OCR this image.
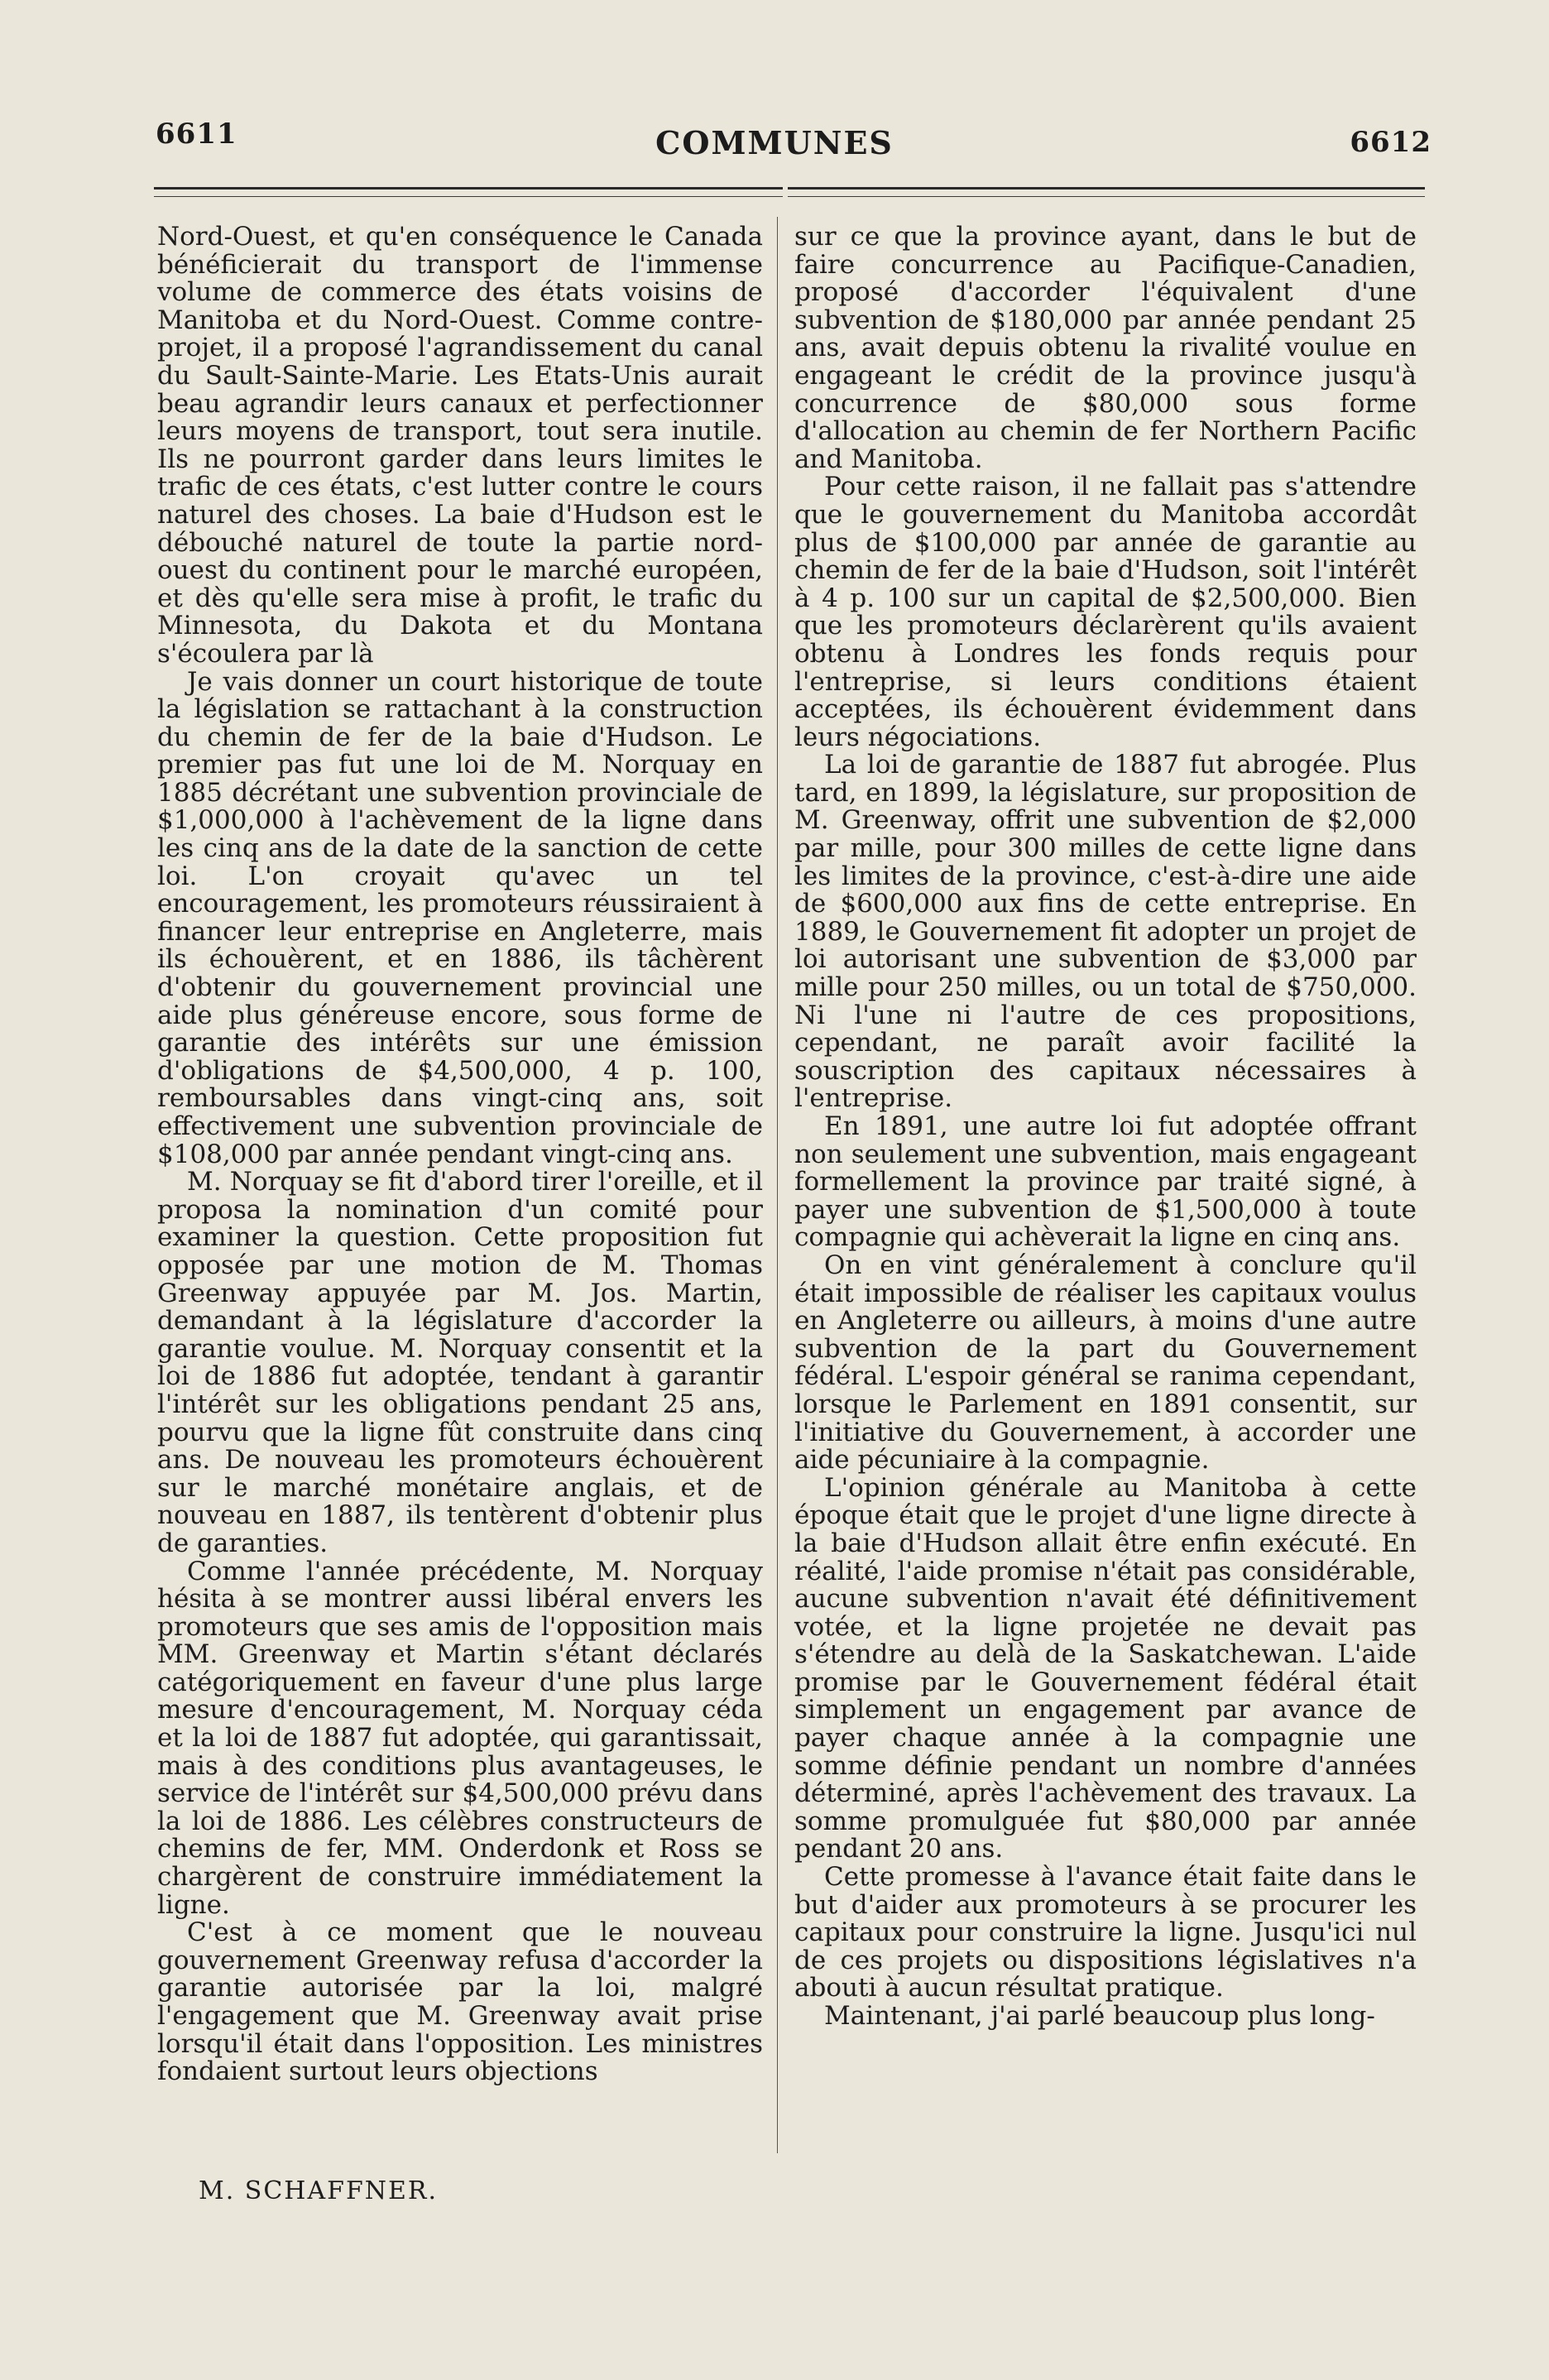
6611	COMMUNES	6612

Nord-Ouest, et qu'en conséquence le Canada bénéficierait du transport de l'immense volume de commerce des états voisins de Manitoba et du Nord-Ouest. Comme contre-projet, il a proposé l'agrandissement du canal du Sault-Sainte-Marie. Les Etats-Unis aurait beau agrandir leurs canaux et perfectionner leurs moyens de transport, tout sera inutile. Ils ne pourront garder dans leurs limites le trafic de ces états, c'est lutter contre le cours naturel des choses. La baie d'Hudson est le débouché naturel de toute la partie nord-ouest du continent pour le marché européen, et dès qu'elle sera mise à profit, le trafic du Minnesota, du Dakota et du Montana s'écoulera par là

Je vais donner un court historique de toute la législation se rattachant à la construction du chemin de fer de la baie d'Hudson. Le premier pas fut une loi de M. Norquay en 1885 décrétant une subvention provinciale de $1,000,000 à l'achèvement de la ligne dans les cinq ans de la date de la sanction de cette loi. L'on croyait qu'avec un tel encouragement, les promoteurs réussiraient à financer leur entreprise en Angleterre, mais ils échouèrent, et en 1886, ils tâchèrent d'obtenir du gouvernement provincial une aide plus généreuse encore, sous forme de garantie des intérêts sur une émission d'obligations de $4,500,000, 4 p. 100, remboursables dans vingt-cinq ans, soit effectivement une subvention provinciale de $108,000 par année pendant vingt-cinq ans.

M. Norquay se fit d'abord tirer l'oreille, et il proposa la nomination d'un comité pour examiner la question. Cette proposition fut opposée par une motion de M. Thomas Greenway appuyée par M. Jos. Martin, demandant à la législature d'accorder la garantie voulue. M. Norquay consentit et la loi de 1886 fut adoptée, tendant à garantir l'intérêt sur les obligations pendant 25 ans, pourvu que la ligne fût construite dans cinq ans. De nouveau les promoteurs échouèrent sur le marché monétaire anglais, et de nouveau en 1887, ils tentèrent d'obtenir plus de garanties.

Comme l'année précédente, M. Norquay hésita à se montrer aussi libéral envers les promoteurs que ses amis de l'opposition mais MM. Greenway et Martin s'étant déclarés catégoriquement en faveur d'une plus large mesure d'encouragement, M. Norquay céda et la loi de 1887 fut adoptée, qui garantissait, mais à des conditions plus avantageuses, le service de l'intérêt sur $4,500,000 prévu dans la loi de 1886. Les célèbres constructeurs de chemins de fer, MM. Onderdonk et Ross se chargèrent de construire immédiatement la ligne.

C'est à ce moment que le nouveau gouvernement Greenway refusa d'accorder la garantie autorisée par la loi, malgré l'engagement que M. Greenway avait prise lorsqu'il était dans l'opposition. Les ministres fondaient surtout leurs objections

sur ce que la province ayant, dans le but de faire concurrence au Pacifique-Canadien, proposé d'accorder l'équivalent d'une subvention de $180,000 par année pendant 25 ans, avait depuis obtenu la rivalité voulue en engageant le crédit de la province jusqu'à concurrence de $80,000 sous forme d'allocation au chemin de fer Northern Pacific and Manitoba.

Pour cette raison, il ne fallait pas s'attendre que le gouvernement du Manitoba accordât plus de $100,000 par année de garantie au chemin de fer de la baie d'Hudson, soit l'intérêt à 4 p. 100 sur un capital de $2,500,000. Bien que les promoteurs déclarèrent qu'ils avaient obtenu à Londres les fonds requis pour l'entreprise, si leurs conditions étaient acceptées, ils échouèrent évidemment dans leurs négociations.

La loi de garantie de 1887 fut abrogée. Plus tard, en 1899, la législature, sur proposition de M. Greenway, offrit une subvention de $2,000 par mille, pour 300 milles de cette ligne dans les limites de la province, c'est-à-dire une aide de $600,000 aux fins de cette entreprise. En 1889, le Gouvernement fit adopter un projet de loi autorisant une subvention de $3,000 par mille pour 250 milles, ou un total de $750,000. Ni l'une ni l'autre de ces propositions, cependant, ne paraît avoir facilité la souscription des capitaux nécessaires à l'entreprise.

En 1891, une autre loi fut adoptée offrant non seulement une subvention, mais engageant formellement la province par traité signé, à payer une subvention de $1,500,000 à toute compagnie qui achèverait la ligne en cinq ans.

On en vint généralement à conclure qu'il était impossible de réaliser les capitaux voulus en Angleterre ou ailleurs, à moins d'une autre subvention de la part du Gouvernement fédéral. L'espoir général se ranima cependant, lorsque le Parlement en 1891 consentit, sur l'initiative du Gouvernement, à accorder une aide pécuniaire à la compagnie.

L'opinion générale au Manitoba à cette époque était que le projet d'une ligne directe à la baie d'Hudson allait être enfin exécuté. En réalité, l'aide promise n'était pas considérable, aucune subvention n'avait été définitivement votée, et la ligne projetée ne devait pas s'étendre au delà de la Saskatchewan. L'aide promise par le Gouvernement fédéral était simplement un engagement par avance de payer chaque année à la compagnie une somme définie pendant un nombre d'années déterminé, après l'achèvement des travaux. La somme promulguée fut $80,000 par année pendant 20 ans.

Cette promesse à l'avance était faite dans le but d'aider aux promoteurs à se procurer les capitaux pour construire la ligne. Jusqu'ici nul de ces projets ou dispositions législatives n'a abouti à aucun résultat pratique.

Maintenant, j'ai parlé beaucoup plus long-

M. SCHAFFNER.
